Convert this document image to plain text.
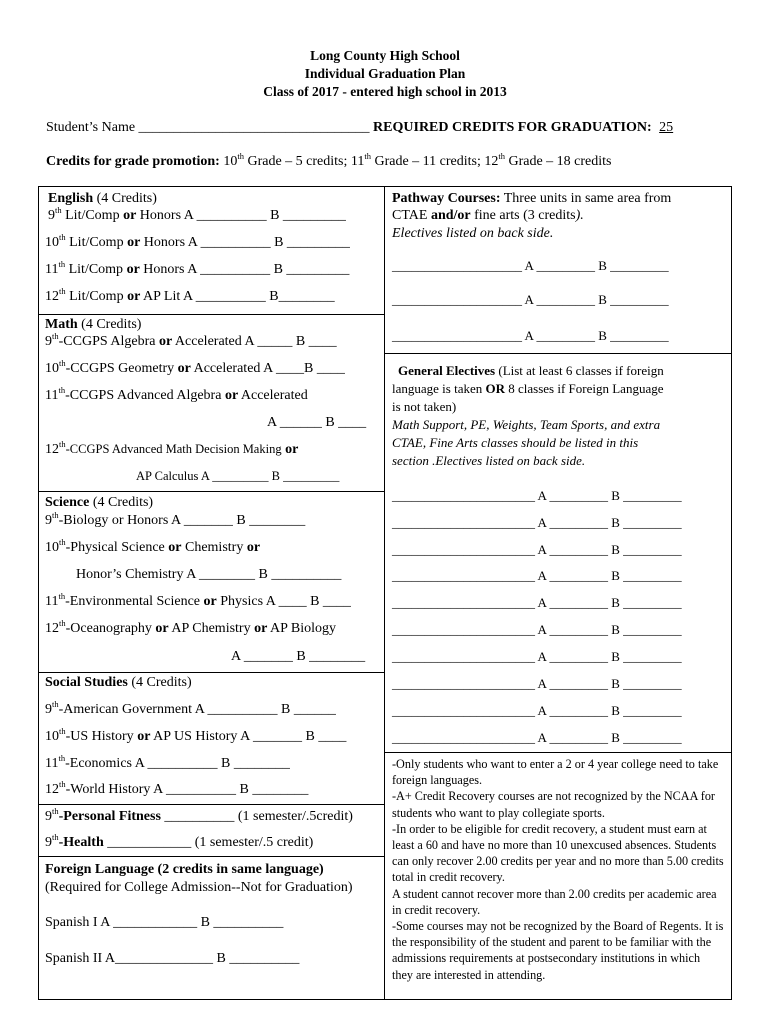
Long County High School
Individual Graduation Plan
Class of 2017 - entered high school in 2013
Student’s Name _________________________________ REQUIRED CREDITS FOR GRADUATION: 25
Credits for grade promotion: 10th Grade – 5 credits; 11th Grade – 11 credits; 12th Grade – 18 credits
English (4 Credits)
9th Lit/Comp or Honors A __________ B _________
10th Lit/Comp or Honors A __________ B _________
11th Lit/Comp or Honors A __________ B _________
12th Lit/Comp or AP Lit A __________ B________
Math (4 Credits)
9th-CCGPS Algebra or Accelerated A _____ B ____
10th-CCGPS Geometry or Accelerated A ____B ____
11th-CCGPS Advanced Algebra or Accelerated
A ______ B ____
12th-CCGPS Advanced Math Decision Making or
AP Calculus A _________ B _________
Science (4 Credits)
9th-Biology or Honors A _______ B ________
10th-Physical Science or Chemistry or
Honor’s Chemistry A ________ B __________
11th-Environmental Science or Physics A ____ B ____
12th-Oceanography or AP Chemistry or AP Biology
A _______ B ________
Social Studies (4 Credits)
9th-American Government A __________ B ______
10th-US History or AP US History A _______ B ____
11th-Economics A __________ B ________
12th-World History A __________ B ________
9th-Personal Fitness __________ (1 semester/.5credit)
9th-Health ____________ (1 semester/.5 credit)
Foreign Language (2 credits in same language)
(Required for College Admission--Not for Graduation)
Spanish I A ____________ B __________
Spanish II A______________ B __________
Pathway Courses: Three units in same area from
CTAE and/or fine arts (3 credits).
Electives listed on back side.
____________________ A _________ B _________
____________________ A _________ B _________
____________________ A _________ B _________
General Electives (List at least 6 classes if foreign
language is taken OR 8 classes if Foreign Language
is not taken)
Math Support, PE, Weights, Team Sports, and extra
CTAE, Fine Arts classes should be listed in this
section .Electives listed on back side.
______________________ A _________ B _________
______________________ A _________ B _________
______________________ A _________ B _________
______________________ A _________ B _________
______________________ A _________ B _________
______________________ A _________ B _________
______________________ A _________ B _________
______________________ A _________ B _________
______________________ A _________ B _________
______________________ A _________ B _________
-Only students who want to enter a 2 or 4 year college need to take foreign languages.
-A+ Credit Recovery courses are not recognized by the NCAA for students who want to play collegiate sports.
-In order to be eligible for credit recovery, a student must earn at least a 60 and have no more than 10 unexcused absences. Students can only recover 2.00 credits per year and no more than 5.00 credits total in credit recovery.
A student cannot recover more than 2.00 credits per academic area in credit recovery.
-Some courses may not be recognized by the Board of Regents. It is the responsibility of the student and parent to be familiar with the admissions requirements at postsecondary institutions in which they are interested in attending.
